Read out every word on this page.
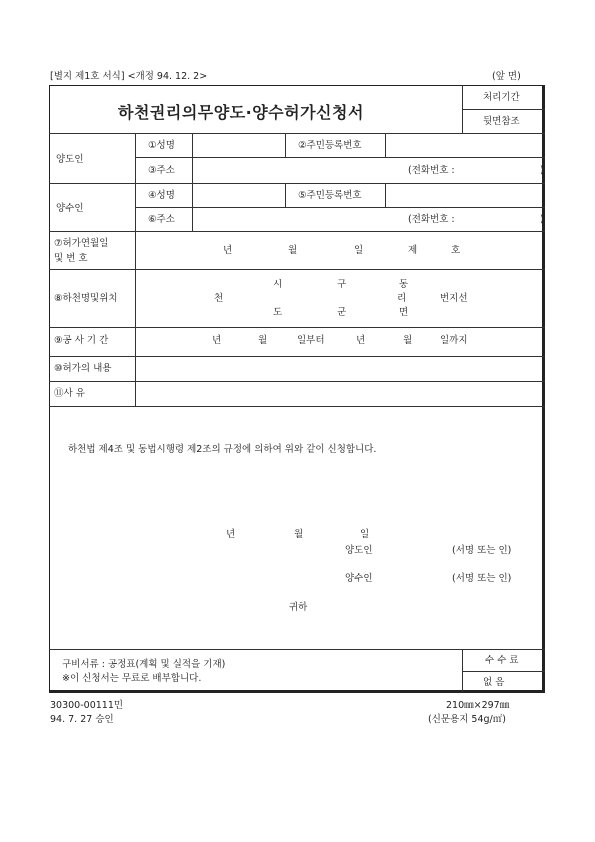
[별지 제1호 서식] <개정 94. 12. 2>	(앞 면)
하천권리의무양도·양수허가신청서
처리기간
뒷면참조
양도인
①성명	②주민등록번호
③주소	(전화번호 :	)
양수인
④성명	⑤주민등록번호
⑥주소	(전화번호 :	)
⑦허가연월일
및 번 호
년	월	일	제	호
⑧하천명및위치
시	구	동
천	리	번지선
도	군	면
⑨공 사 기 간	년	월	일부터	년	월	일까지
⑩허가의 내용
⑪사 유
하천법 제4조 및 동법시행령 제2조의 규정에 의하여 위와 같이 신청합니다.
년	월	일
양도인	(서명 또는 인)
양수인	(서명 또는 인)
귀하
구비서류 : 공정표(계획 및 실적을 기재)
※이 신청서는 무료로 배부합니다.
수 수 료
없 음
30300-00111민
94. 7. 27 승인
210㎜×297㎜
(신문용지 54g/㎡)
